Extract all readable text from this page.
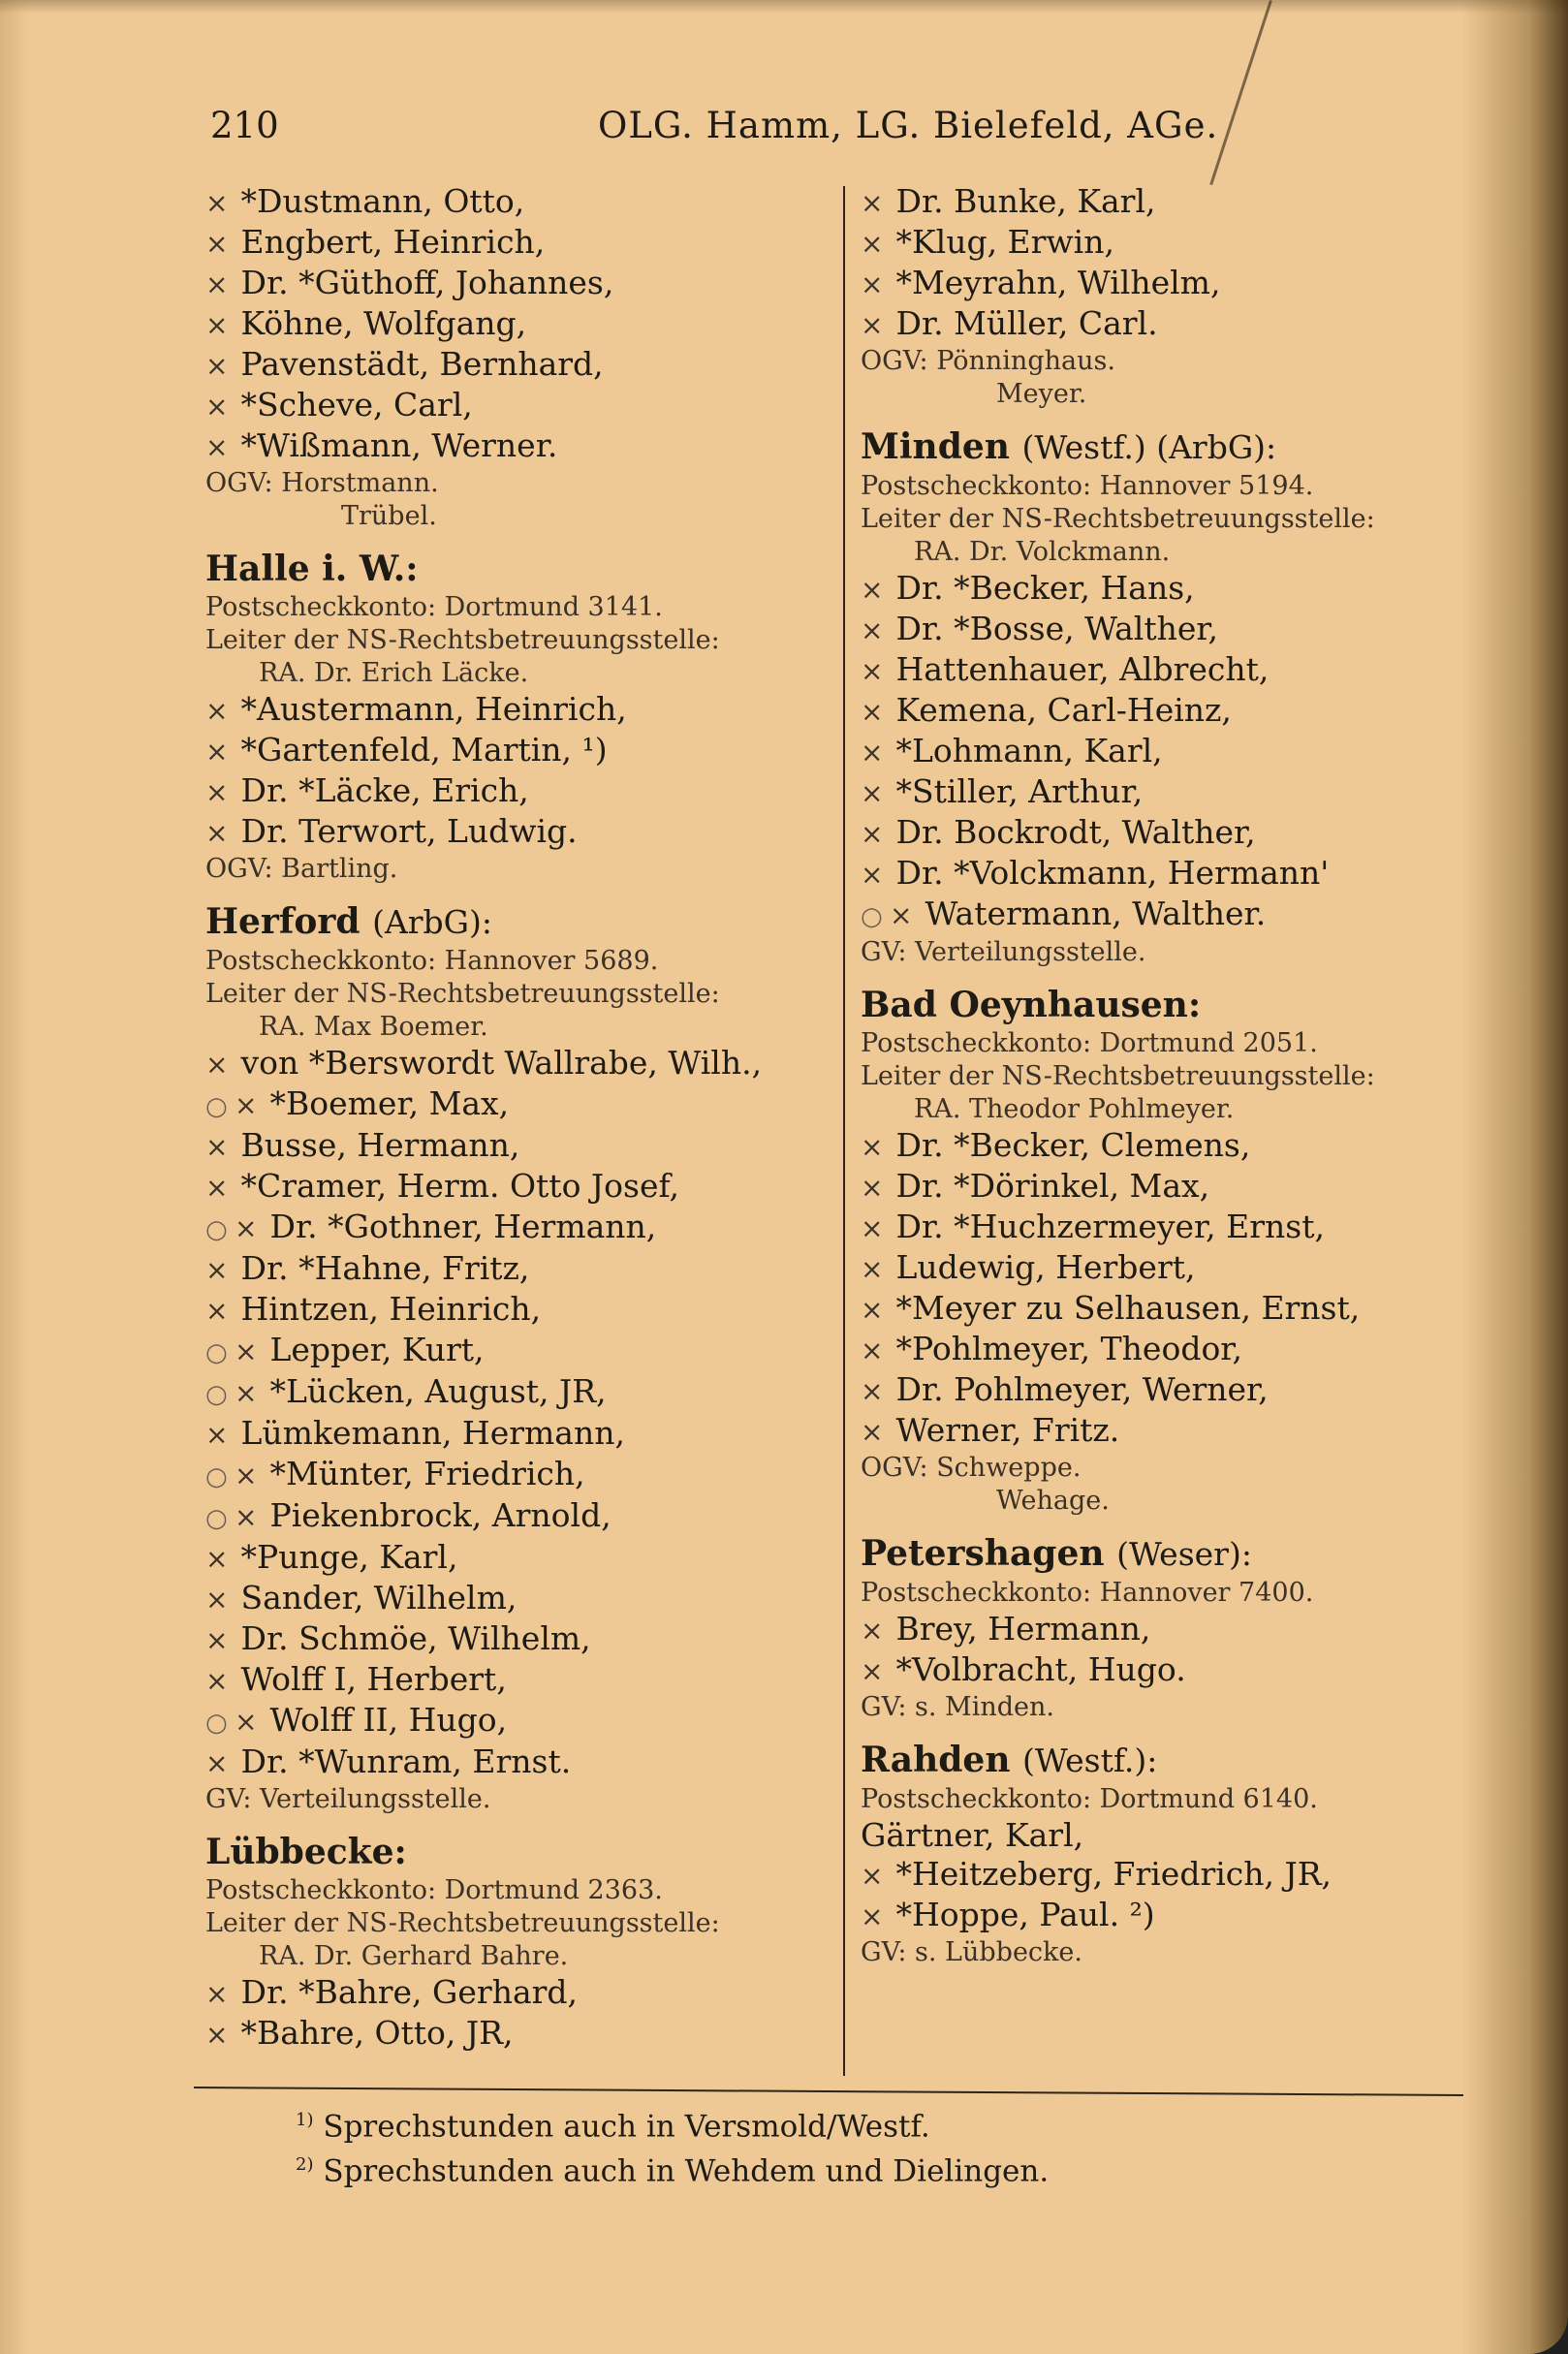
210	OLG. Hamm, LG. Bielefeld, AGe.
× *Dustmann, Otto,
× Engbert, Heinrich,
× Dr. *Güthoff, Johannes,
× Köhne, Wolfgang,
× Pavenstädt, Bernhard,
× *Scheve, Carl,
× *Wißmann, Werner.
OGV: Horstmann.
Trübel.
Halle i. W.:
Postscheckkonto: Dortmund 3141.
Leiter der NS-Rechtsbetreuungsstelle:
RA. Dr. Erich Läcke.
× *Austermann, Heinrich,
× *Gartenfeld, Martin, ¹)
× Dr. *Läcke, Erich,
× Dr. Terwort, Ludwig.
OGV: Bartling.
Herford (ArbG):
Postscheckkonto: Hannover 5689.
Leiter der NS-Rechtsbetreuungsstelle:
RA. Max Boemer.
× von *Berswordt Wallrabe, Wilh.,
○ × *Boemer, Max,
× Busse, Hermann,
× *Cramer, Herm. Otto Josef,
○ × Dr. *Gothner, Hermann,
× Dr. *Hahne, Fritz,
× Hintzen, Heinrich,
○ × Lepper, Kurt,
○ × *Lücken, August, JR,
× Lümkemann, Hermann,
○ × *Münter, Friedrich,
○ × Piekenbrock, Arnold,
× *Punge, Karl,
× Sander, Wilhelm,
× Dr. Schmöe, Wilhelm,
× Wolff I, Herbert,
○ × Wolff II, Hugo,
× Dr. *Wunram, Ernst.
GV: Verteilungsstelle.
Lübbecke:
Postscheckkonto: Dortmund 2363.
Leiter der NS-Rechtsbetreuungsstelle:
RA. Dr. Gerhard Bahre.
× Dr. *Bahre, Gerhard,
× *Bahre, Otto, JR,
× Dr. Bunke, Karl,
× *Klug, Erwin,
× *Meyrahn, Wilhelm,
× Dr. Müller, Carl.
OGV: Pönninghaus.
Meyer.
Minden (Westf.) (ArbG):
Postscheckkonto: Hannover 5194.
Leiter der NS-Rechtsbetreuungsstelle:
RA. Dr. Volckmann.
× Dr. *Becker, Hans,
× Dr. *Bosse, Walther,
× Hattenhauer, Albrecht,
× Kemena, Carl-Heinz,
× *Lohmann, Karl,
× *Stiller, Arthur,
× Dr. Bockrodt, Walther,
× Dr. *Volckmann, Hermann'
○ × Watermann, Walther.
GV: Verteilungsstelle.
Bad Oeynhausen:
Postscheckkonto: Dortmund 2051.
Leiter der NS-Rechtsbetreuungsstelle:
RA. Theodor Pohlmeyer.
× Dr. *Becker, Clemens,
× Dr. *Dörinkel, Max,
× Dr. *Huchzermeyer, Ernst,
× Ludewig, Herbert,
× *Meyer zu Selhausen, Ernst,
× *Pohlmeyer, Theodor,
× Dr. Pohlmeyer, Werner,
× Werner, Fritz.
OGV: Schweppe.
Wehage.
Petershagen (Weser):
Postscheckkonto: Hannover 7400.
× Brey, Hermann,
× *Volbracht, Hugo.
GV: s. Minden.
Rahden (Westf.):
Postscheckkonto: Dortmund 6140.
Gärtner, Karl,
× *Heitzeberg, Friedrich, JR,
× *Hoppe, Paul. ²)
GV: s. Lübbecke.
$^{1)}$ Sprechstunden auch in Versmold/Westf.
$^{2)}$ Sprechstunden auch in Wehdem und Dielingen.
